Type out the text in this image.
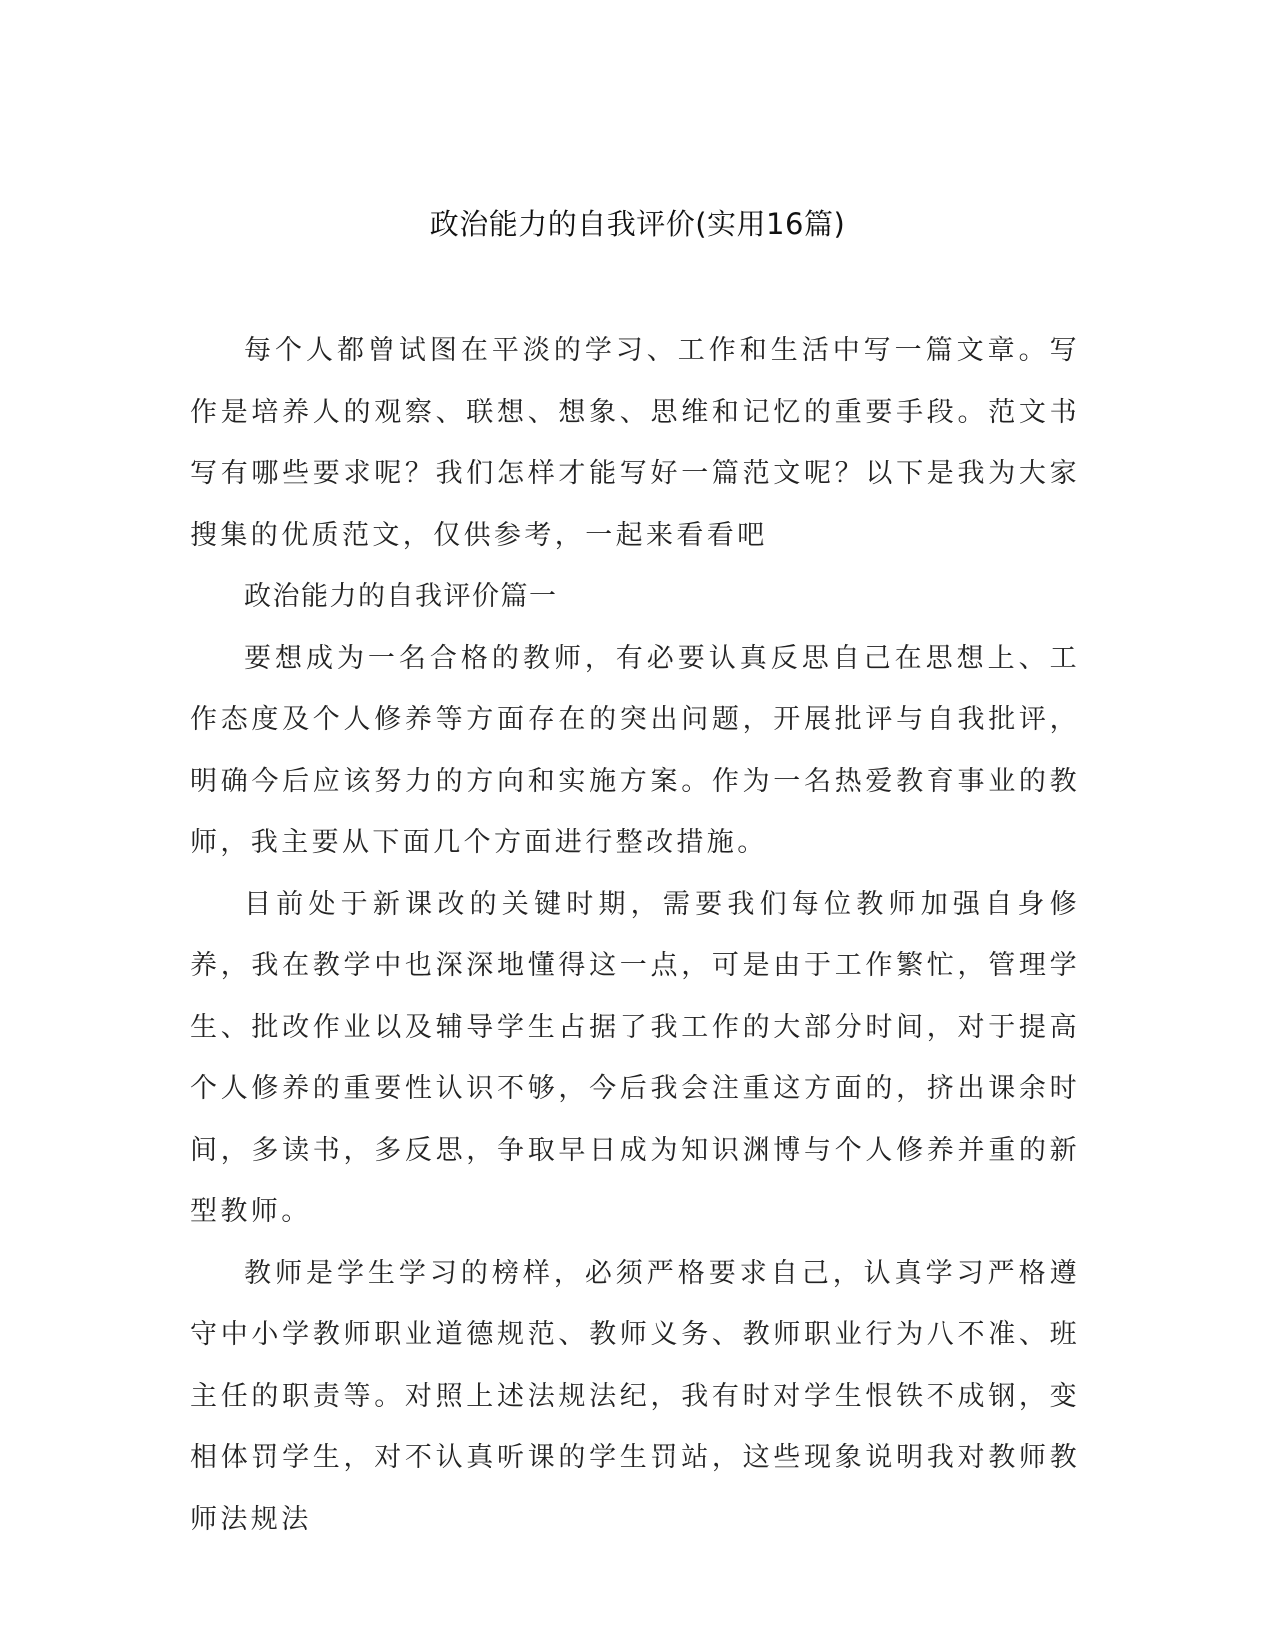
政治能力的自我评价(实用16篇)

每个人都曾试图在平淡的学习、工作和生活中写一篇文章。写作是培养人的观察、联想、想象、思维和记忆的重要手段。范文书写有哪些要求呢？我们怎样才能写好一篇范文呢？以下是我为大家搜集的优质范文，仅供参考，一起来看看吧

政治能力的自我评价篇一

要想成为一名合格的教师，有必要认真反思自己在思想上、工作态度及个人修养等方面存在的突出问题，开展批评与自我批评，明确今后应该努力的方向和实施方案。作为一名热爱教育事业的教师，我主要从下面几个方面进行整改措施。

目前处于新课改的关键时期，需要我们每位教师加强自身修养，我在教学中也深深地懂得这一点，可是由于工作繁忙，管理学生、批改作业以及辅导学生占据了我工作的大部分时间，对于提高个人修养的重要性认识不够，今后我会注重这方面的，挤出课余时间，多读书，多反思，争取早日成为知识渊博与个人修养并重的新型教师。

教师是学生学习的榜样，必须严格要求自己，认真学习严格遵守中小学教师职业道德规范、教师义务、教师职业行为八不准、班主任的职责等。对照上述法规法纪，我有时对学生恨铁不成钢，变相体罚学生，对不认真听课的学生罚站，这些现象说明我对教师教师法规法
